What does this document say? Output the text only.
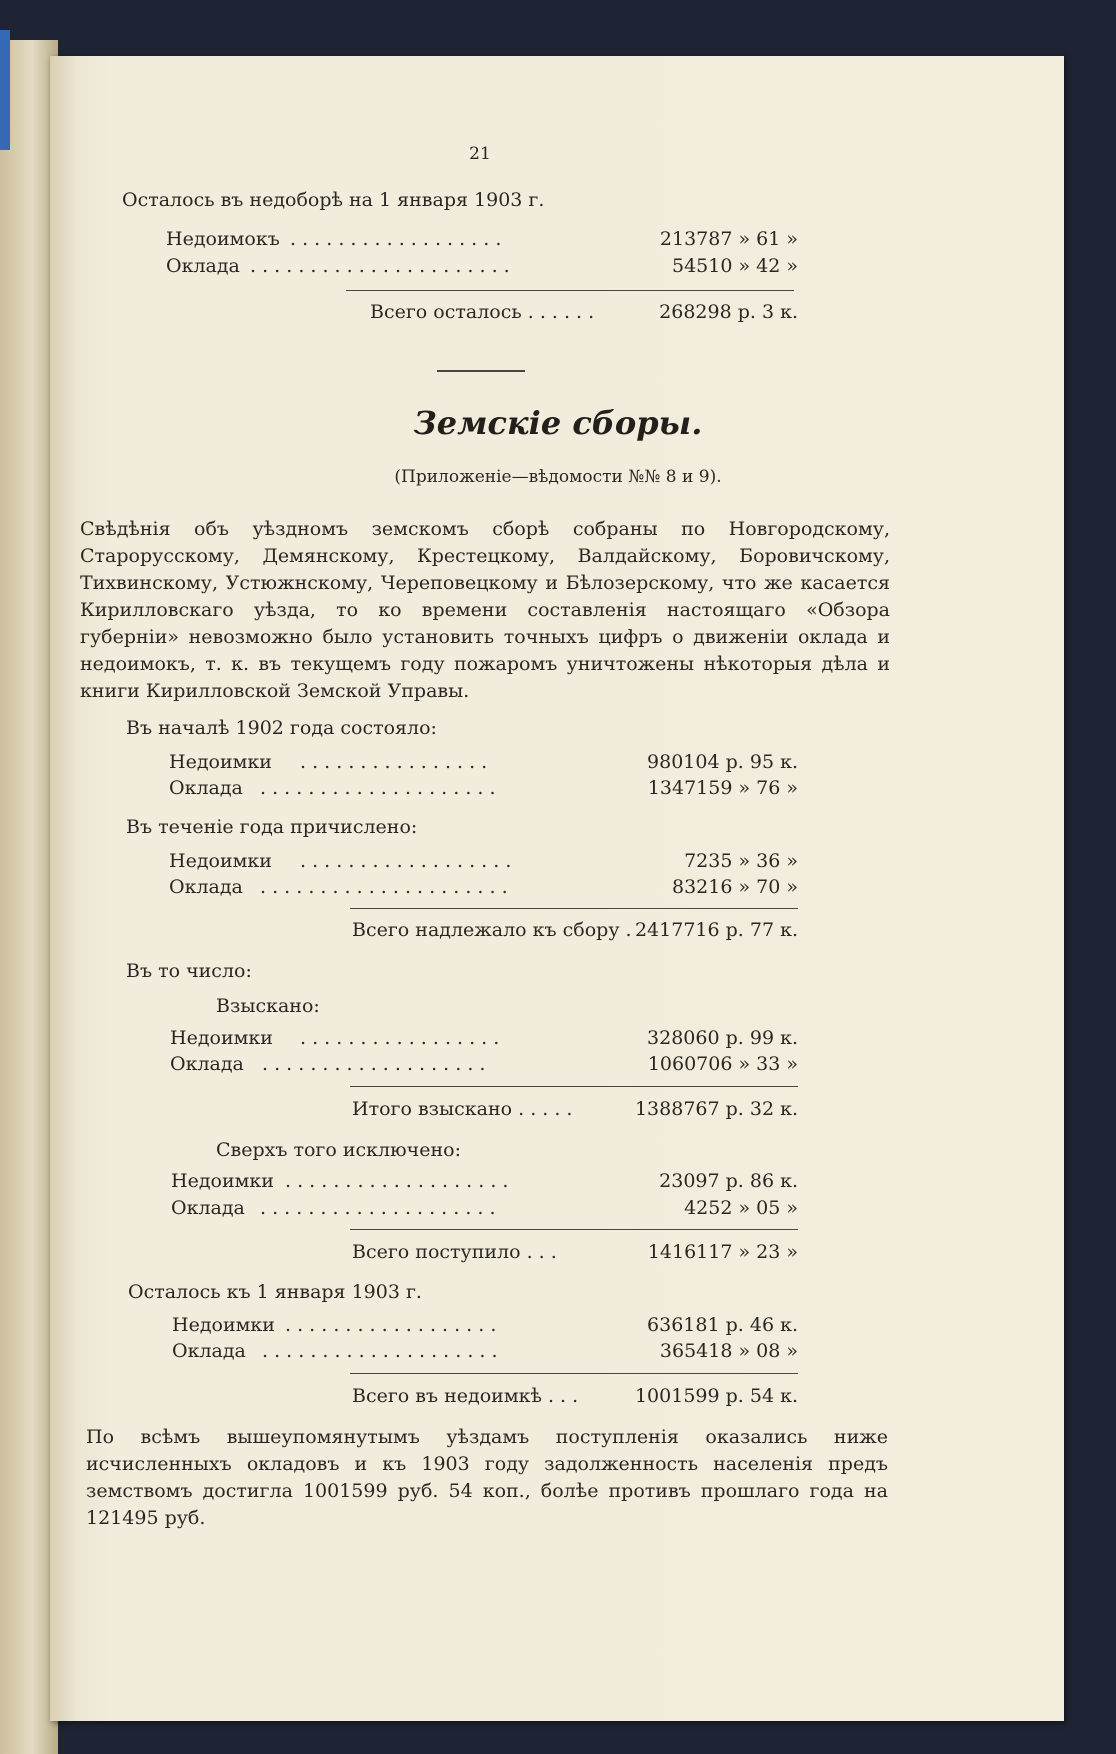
21
Осталось въ недоборѣ на 1 января 1903 г.
Недоимокъ . . . . . . . . . . . . . . . . . .	213787 » 61 »
Оклада . . . . . . . . . . . . . . . . . . . . . .	54510 » 42 »
Всего осталось . . . . . .	268298 р. 3 к.
Земскіе сборы.
(Приложеніе—вѣдомости №№ 8 и 9).
Свѣдѣнія объ уѣздномъ земскомъ сборѣ собраны по Новгородскому, Старорусскому, Демянскому, Крестецкому, Валдайскому, Боровичскому, Тихвинскому, Устюжнскому, Череповецкому и Бѣлозерскому, что же касается Кирилловскаго уѣзда, то ко времени составленія настоящаго «Обзора губерніи» невозможно было установить точныхъ цифръ о движеніи оклада и недоимокъ, т. к. въ текущемъ году пожаромъ уничтожены нѣкоторыя дѣла и книги Кирилловской Земской Управы.
Въ началѣ 1902 года состояло:
Недоимки . . . . . . . . . . . . . . . .	980104 р. 95 к.
Оклада . . . . . . . . . . . . . . . . . . . .	1347159 » 76 »
Въ теченіе года причислено:
Недоимки . . . . . . . . . . . . . . . . . .	7235 » 36 »
Оклада . . . . . . . . . . . . . . . . . . . . .	83216 » 70 »
Всего надлежало къ сбору . 2417716 р. 77 к.
Въ то число:
Взыскано:
Недоимки . . . . . . . . . . . . . . . . .	328060 р. 99 к.
Оклада . . . . . . . . . . . . . . . . . . .	1060706 » 33 »
Итого взыскано . . . . .	1388767 р. 32 к.
Сверхъ того исключено:
Недоимки . . . . . . . . . . . . . . . . . . .	23097 р. 86 к.
Оклада . . . . . . . . . . . . . . . . . . . .	4252 » 05 »
Всего поступило . . .	1416117 » 23 »
Осталось къ 1 января 1903 г.
Недоимки . . . . . . . . . . . . . . . . . .	636181 р. 46 к.
Оклада . . . . . . . . . . . . . . . . . . . .	365418 » 08 »
Всего въ недоимкѣ . . .	1001599 р. 54 к.
По всѣмъ вышеупомянутымъ уѣздамъ поступленія оказались ниже исчисленныхъ окладовъ и къ 1903 году задолженность населенія предъ земствомъ достигла 1001599 руб. 54 коп., болѣе противъ прошлаго года на 121495 руб.
